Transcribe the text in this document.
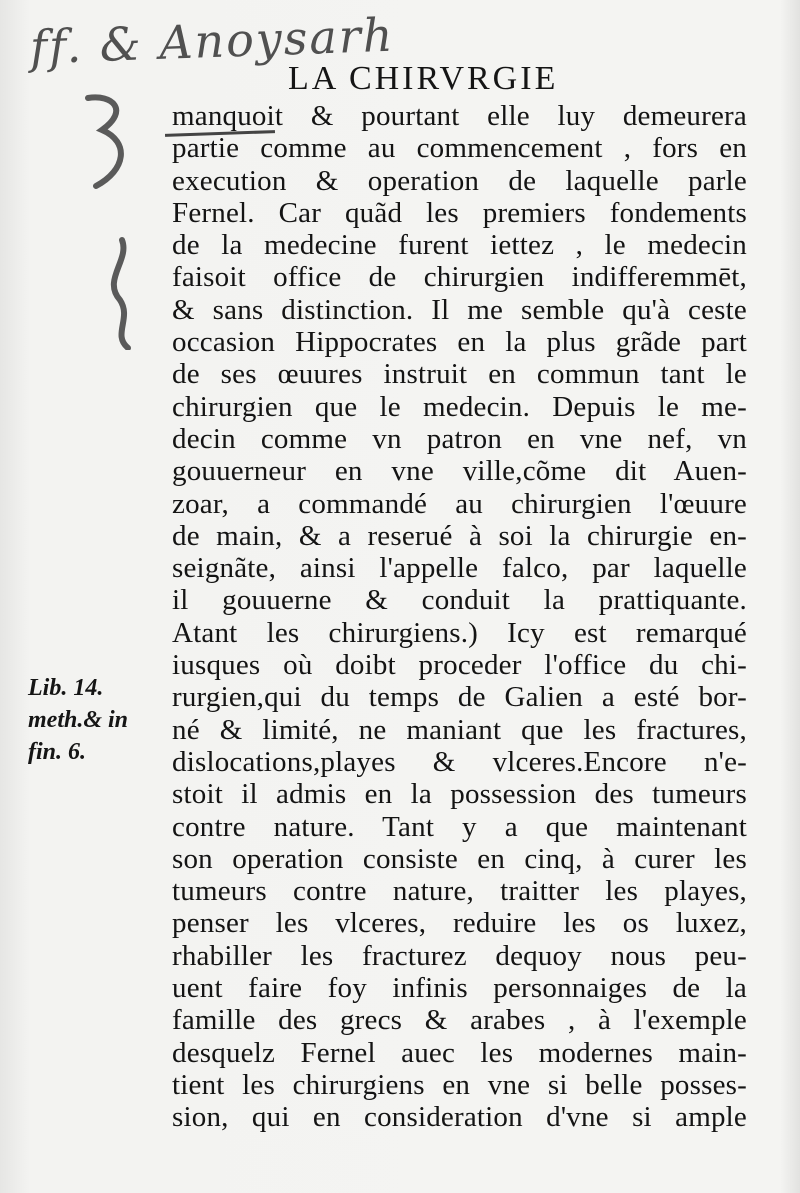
ff. & Anoysarh
LA CHIRVRGIE
Lib. 14.
meth.& in
fin. 6.
manquoit & pourtant elle luy demeurera
partie comme au commencement , fors en
execution & operation de laquelle parle
Fernel. Car quãd les premiers fondements
de la medecine furent iettez , le medecin
faisoit office de chirurgien indifferemmēt,
& sans distinction. Il me semble qu'à ceste
occasion Hippocrates en la plus grãde part
de ses œuures instruit en commun tant le
chirurgien que le medecin. Depuis le me-
decin comme vn patron en vne nef, vn
gouuerneur en vne ville,cõme dit Auen-
zoar, a commandé au chirurgien l'œuure
de main, & a reserué à soi la chirurgie en-
seignãte, ainsi l'appelle falco, par laquelle
il gouuerne & conduit la prattiquante.
Atant les chirurgiens.) Icy est remarqué
iusques où doibt proceder l'office du chi-
rurgien,qui du temps de Galien a esté bor-
né & limité, ne maniant que les fractures,
dislocations,playes & vlceres.Encore n'e-
stoit il admis en la possession des tumeurs
contre nature. Tant y a que maintenant
son operation consiste en cinq, à curer les
tumeurs contre nature, traitter les playes,
penser les vlceres, reduire les os luxez,
rhabiller les fracturez dequoy nous peu-
uent faire foy infinis personnaiges de la
famille des grecs & arabes , à l'exemple
desquelz Fernel auec les modernes main-
tient les chirurgiens en vne si belle posses-
sion, qui en consideration d'vne si ample
